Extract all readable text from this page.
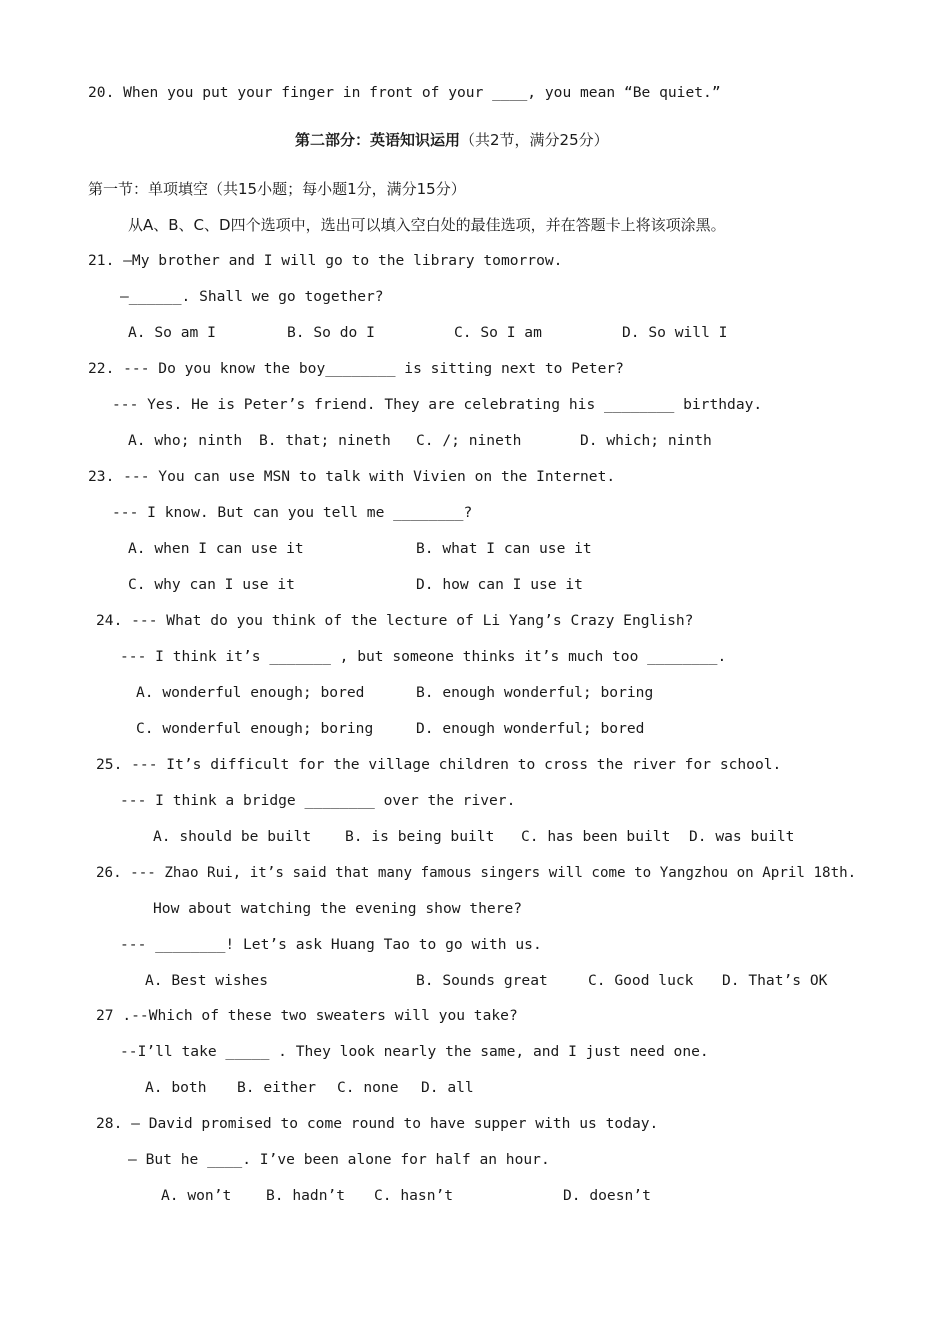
20. When you put your finger in front of your ____, you mean “Be quiet.”
第二部分：英语知识运用（共2节，满分25分）
第一节：单项填空（共15小题；每小题1分，满分15分）
从A、B、C、D四个选项中，选出可以填入空白处的最佳选项，并在答题卡上将该项涂黑。
21. —My brother and I will go to the library tomorrow.
—______. Shall we go together?
A. So am I	B. So do I	C. So I am	D. So will I
22. --- Do you know the boy________ is sitting next to Peter?
--- Yes. He is Peter’s friend. They are celebrating his ________ birthday.
A. who; ninth B. that; nineth C. /; nineth	D. which; ninth
23. --- You can use MSN to talk with Vivien on the Internet.
--- I know. But can you tell me ________?
A. when I can use it	B. what I can use it
C. why can I use it	D. how can I use it
24. --- What do you think of the lecture of Li Yang’s Crazy English?
--- I think it’s _______ , but someone thinks it’s much too ________.
A. wonderful enough; bored	B. enough wonderful; boring
C. wonderful enough; boring	D. enough wonderful; bored
25. --- It’s difficult for the village children to cross the river for school.
--- I think a bridge ________ over the river.
A. should be built B. is being built C. has been built D. was built
26. --- Zhao Rui, it’s said that many famous singers will come to Yangzhou on April 18th.
How about watching the evening show there?
--- ________! Let’s ask Huang Tao to go with us.
A. Best wishes	B. Sounds great	C. Good luck D. That’s OK
27 .--Which of these two sweaters will you take?
--I’ll take _____ . They look nearly the same, and I just need one.
A. both B. either C. none D. all
28. — David promised to come round to have supper with us today.
— But he ____. I’ve been alone for half an hour.
A. won’t B. hadn’t C. hasn’t	D. doesn’t
